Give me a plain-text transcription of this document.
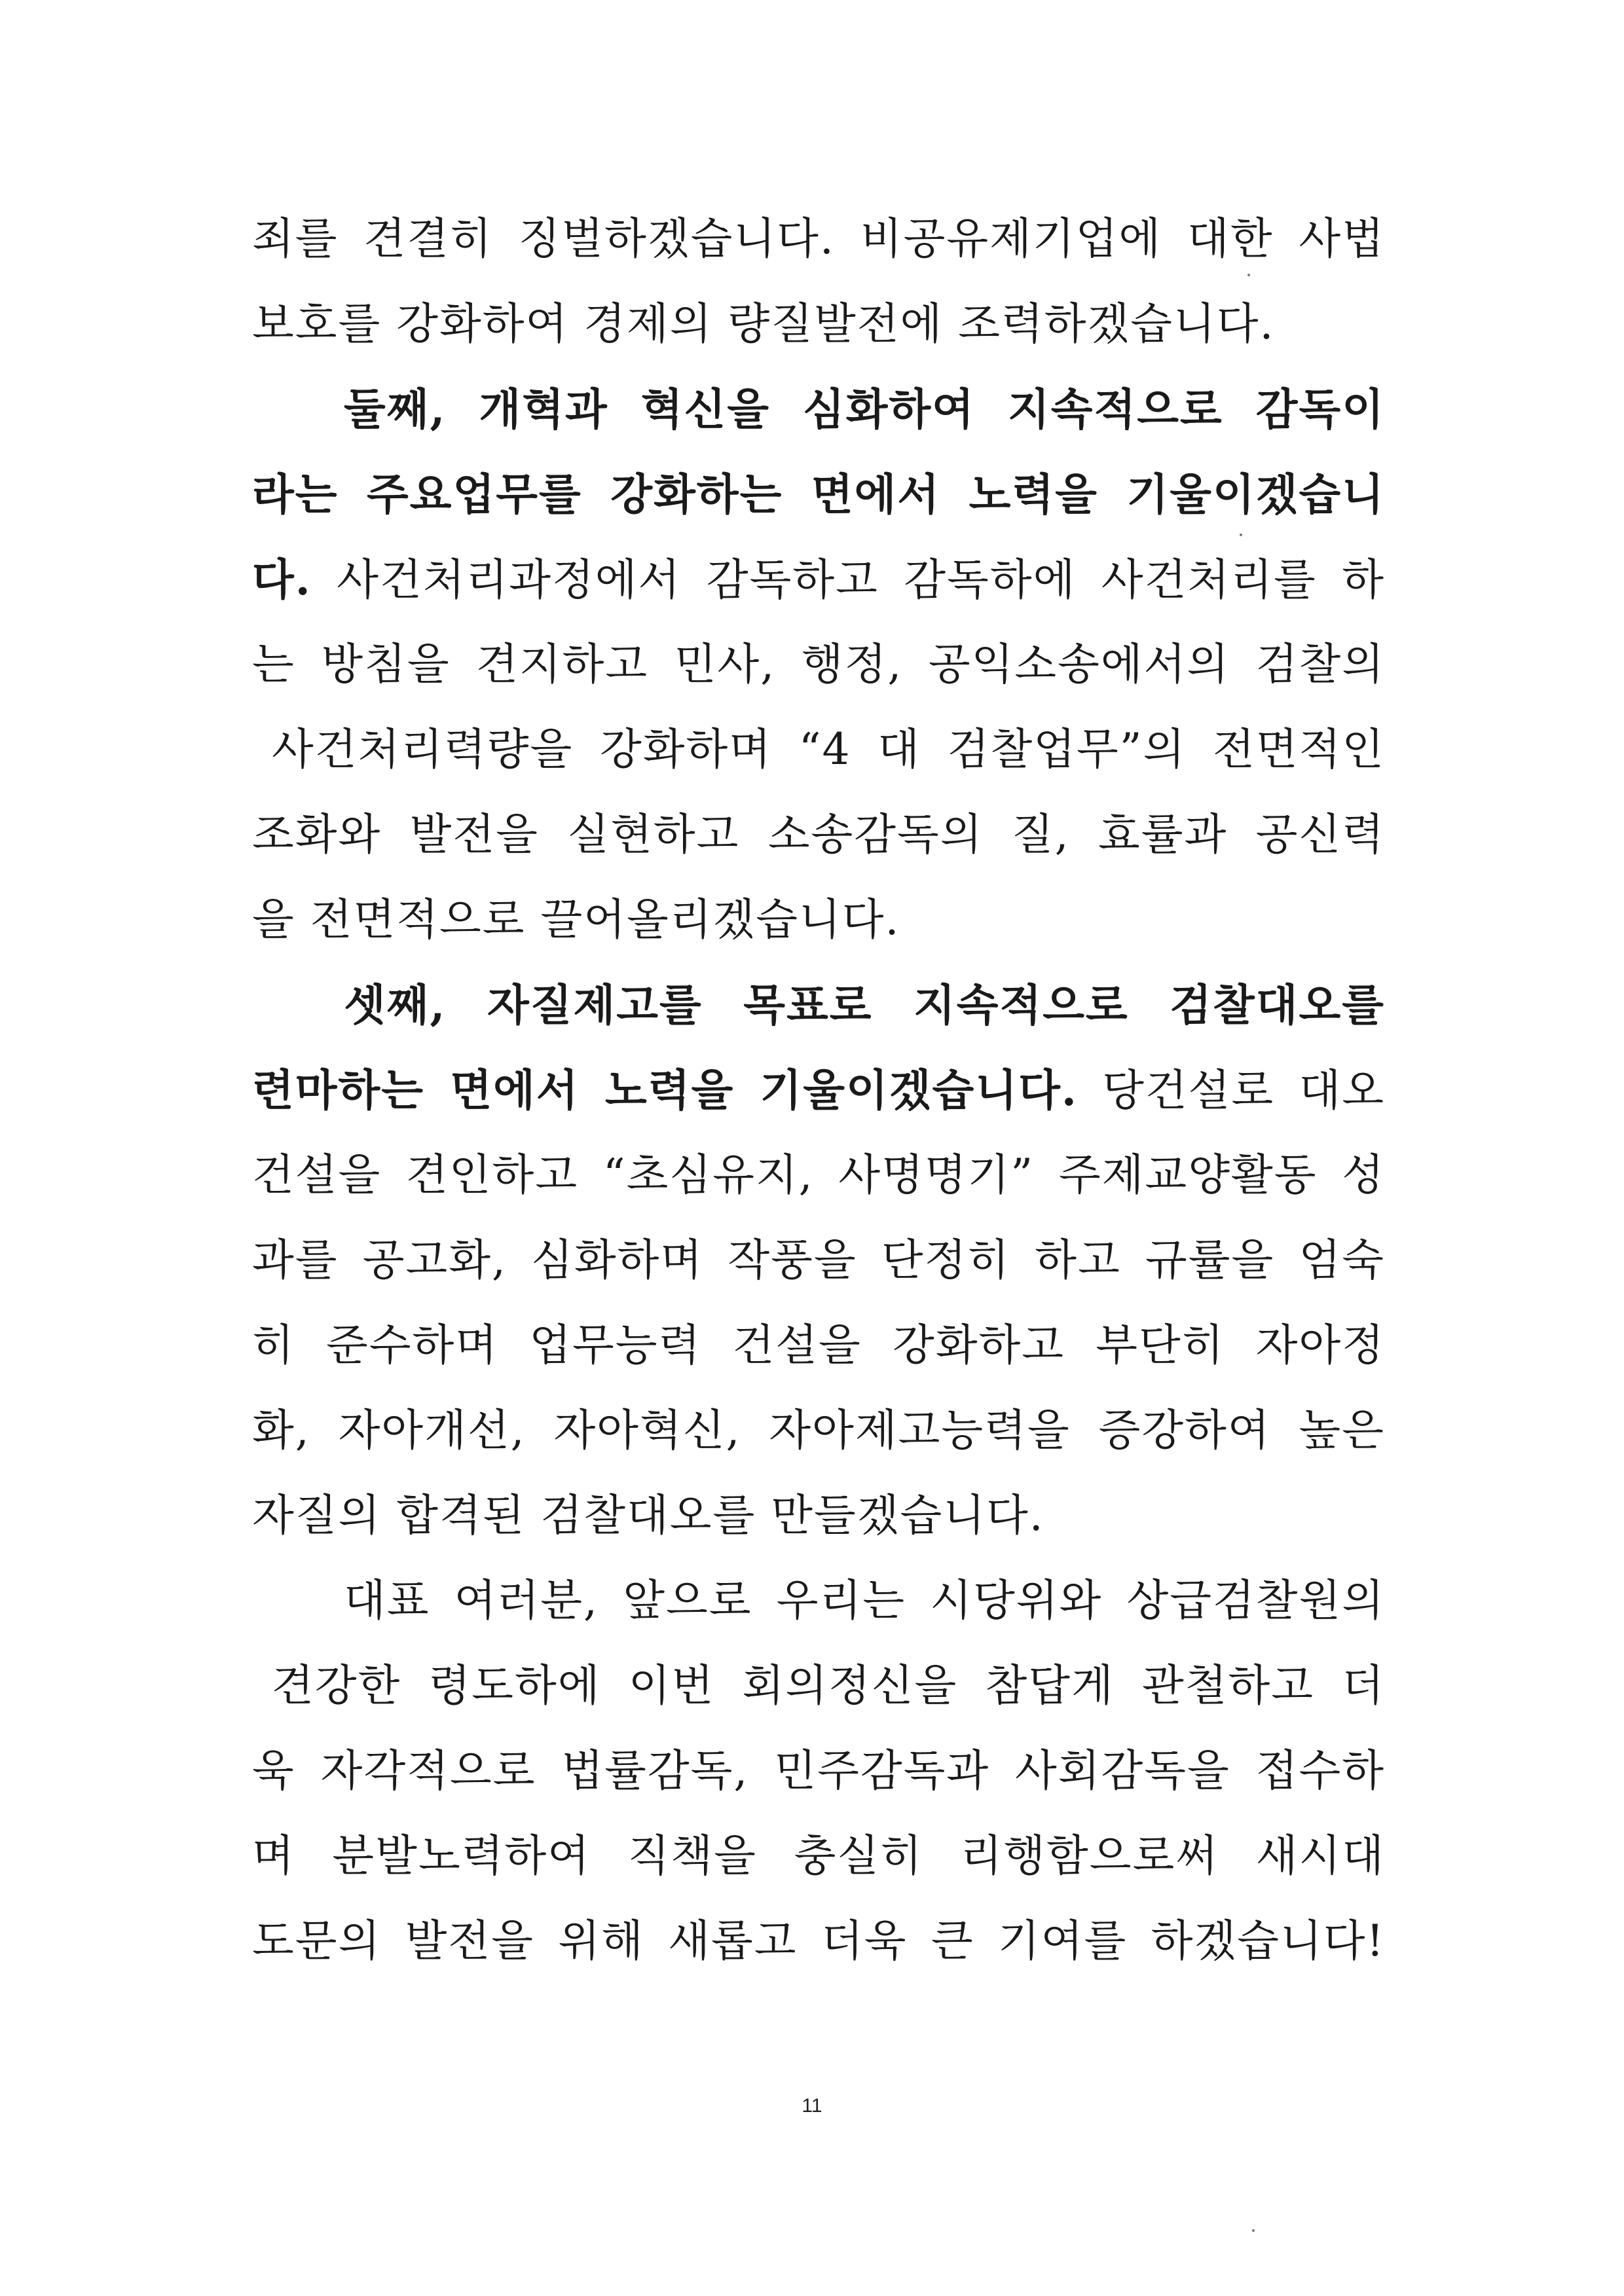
죄를 견결히 징벌하겠습니다. 비공유제기업에 대한 사법
보호를 강화하여 경제의 량질발전에 조력하겠습니다.
둘째, 개혁과 혁신을 심화하여 지속적으로 감독이
라는 주요업무를 강화하는 면에서 노력을 기울이겠습니
다. 사건처리과정에서 감독하고 감독하에 사건처리를 하
는 방침을 견지하고 민사, 행정, 공익소송에서의 검찰의
사건처리력량을 강화하며 “4 대 검찰업무”의 전면적인
조화와 발전을 실현하고 소송감독의 질, 효률과 공신력
을 전면적으로 끌어올리겠습니다.
셋째, 자질제고를 목표로 지속적으로 검찰대오를
련마하는 면에서 노력을 기울이겠습니다. 당건설로 대오
건설을 견인하고 “초심유지, 사명명기” 주제교양활동 성
과를 공고화, 심화하며 작풍을 단정히 하고 규률을 엄숙
히 준수하며 업무능력 건설을 강화하고 부단히 자아정
화, 자아개선, 자아혁신, 자아제고능력을 증강하여 높은
자질의 합격된 검찰대오를 만들겠습니다.
대표 여러분, 앞으로 우리는 시당위와 상급검찰원의
견강한 령도하에 이번 회의정신을 참답게 관철하고 더
욱 자각적으로 법률감독, 민주감독과 사회감독을 접수하
며 분발노력하여 직책을 충실히 리행함으로써 새시대
도문의 발전을 위해 새롭고 더욱 큰 기여를 하겠습니다!
11
